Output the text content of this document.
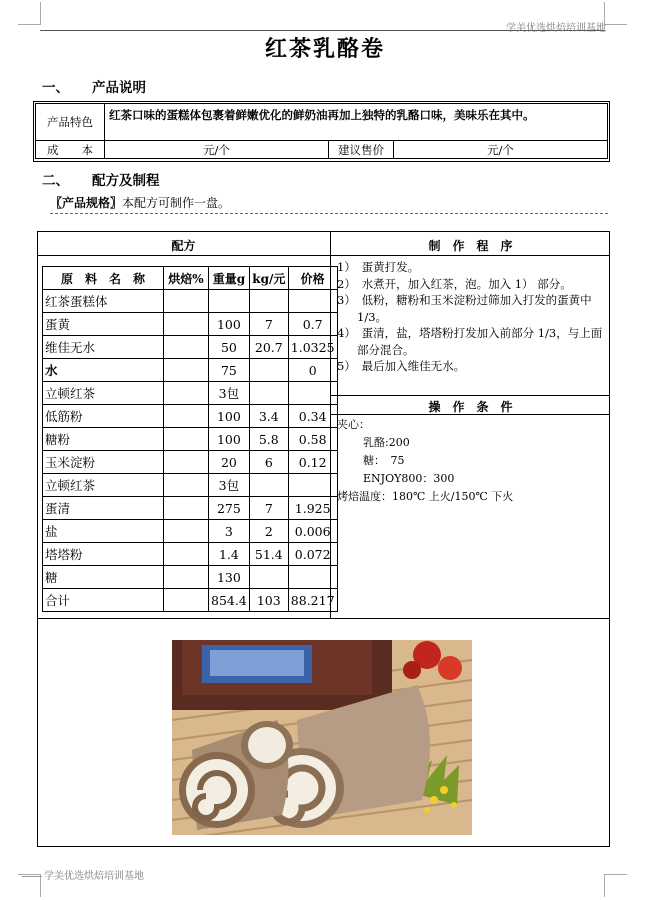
学美优选烘焙培训基地
学美优选烘焙培训基地
红茶乳酪卷
一、 产品说明
产品特色	红茶口味的蛋糕体包裹着鲜嫩优化的鲜奶油再加上独特的乳酪口味，美味乐在其中。		
成　　本	元/个	建议售价	元/个
二、 配方及制程
〖产品规格〗本配方可制作一盘。
配方
原　料　名　称	烘焙%	重量g	kg/元	价格
红茶蛋糕体				
蛋黄		100	7	0.7
维佳无水		50	20.7	1.0325
水		75		0
立顿红茶		3包		
低筋粉		100	3.4	0.34
糖粉		100	5.8	0.58
玉米淀粉		20	6	0.12
立顿红茶		3包		
蛋清		275	7	1.925
盐		3	2	0.006
塔塔粉		1.4	51.4	0.072
糖		130		
合计		854.4	103	88.217
制　作　程　序
1）　蛋黄打发。
2）　水煮开，加入红茶，泡。加入 1） 部分。
3）　低粉，糖粉和玉米淀粉过筛加入打发的蛋黄中 1/3。
4）　蛋清，盐，塔塔粉打发加入前部分 1/3，与上面部分混合。
5）　最后加入维佳无水。
操　作　条　件
夹心：
乳酪:200
糖：　75
ENJOY800：300
烤焙温度：180℃ 上火/150℃ 下火
